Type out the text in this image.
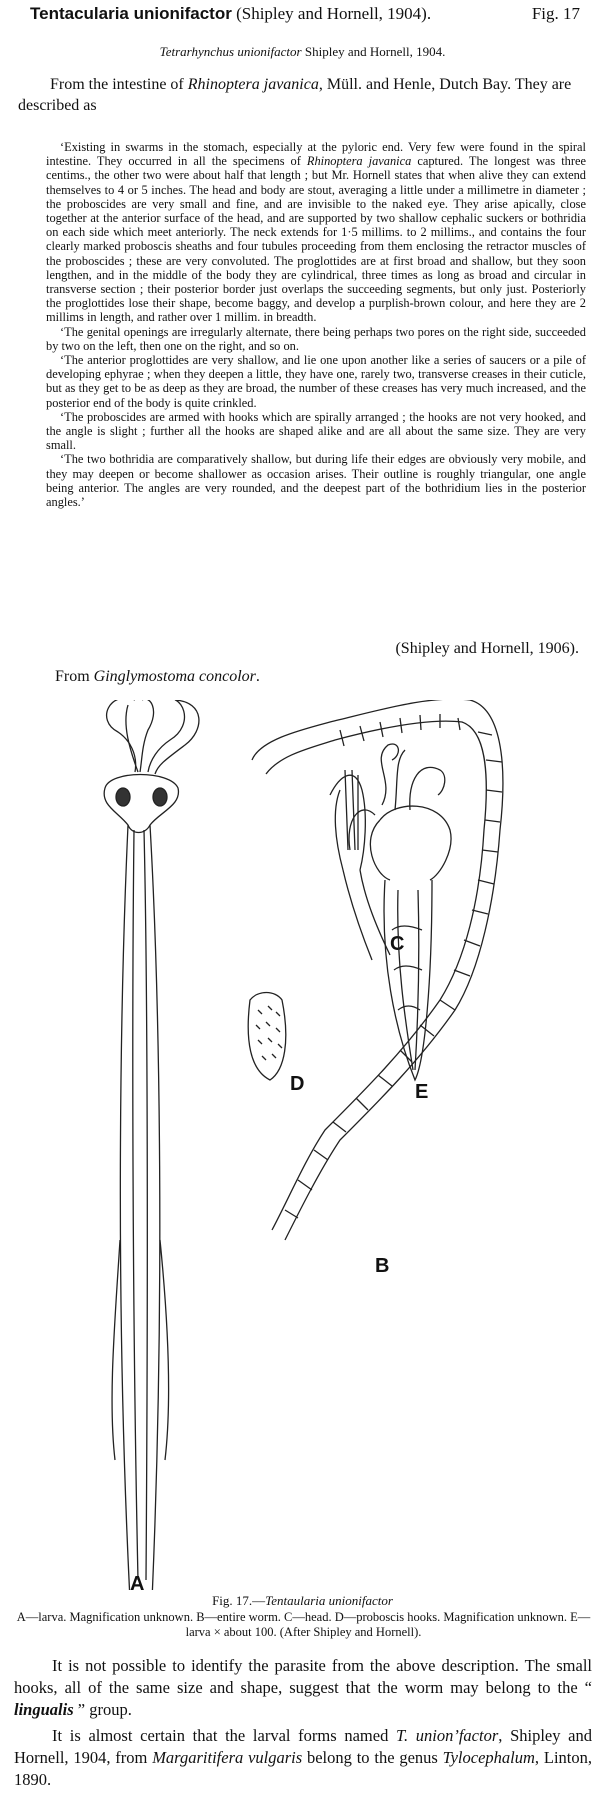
Tentacularia unionifactor (Shipley and Hornell, 1904).	Fig. 17
Tetrarhynchus unionifactor Shipley and Hornell, 1904.
From the intestine of Rhinoptera javanica, Müll. and Henle, Dutch Bay. They are described as

‘Existing in swarms in the stomach, especially at the pyloric end. Very few were found in the spiral intestine. They occurred in all the specimens of Rhinoptera javanica captured. The longest was three centims., the other two were about half that length ; but Mr. Hornell states that when alive they can extend themselves to 4 or 5 inches. The head and body are stout, averaging a little under a millimetre in diameter ; the proboscides are very small and fine, and are invisible to the naked eye. They arise apically, close together at the anterior surface of the head, and are supported by two shallow cephalic suckers or bothridia on each side which meet anteriorly. The neck extends for 1·5 millims. to 2 millims., and contains the four clearly marked proboscis sheaths and four tubules proceeding from them enclosing the retractor muscles of the proboscides ; these are very convoluted. The proglottides are at first broad and shallow, but they soon lengthen, and in the middle of the body they are cylindrical, three times as long as broad and circular in transverse section ; their posterior border just overlaps the succeeding segments, but only just. Posteriorly the proglottides lose their shape, become baggy, and develop a purplish-brown colour, and here they are 2 millims in length, and rather over 1 millim. in breadth.

‘The genital openings are irregularly alternate, there being perhaps two pores on the right side, succeeded by two on the left, then one on the right, and so on.

‘The anterior proglottides are very shallow, and lie one upon another like a series of saucers or a pile of developing ephyrae ; when they deepen a little, they have one, rarely two, transverse creases in their cuticle, but as they get to be as deep as they are broad, the number of these creases has very much increased, and the posterior end of the body is quite crinkled.

‘The proboscides are armed with hooks which are spirally arranged ; the hooks are not very hooked, and the angle is slight ; further all the hooks are shaped alike and are all about the same size. They are very small.

‘The two bothridia are comparatively shallow, but during life their edges are obviously very mobile, and they may deepen or become shallower as occasion arises. Their outline is roughly triangular, one angle being anterior. The angles are very rounded, and the deepest part of the bothridium lies in the posterior angles.’

(Shipley and Hornell, 1906).
From Ginglymostoma concolor.
A
B
C
D	E
Fig. 17.—Tentaularia unionifactor
A—larva. Magnification unknown. B—entire worm. C—head. D—proboscis hooks. Magnification unknown. E—larva × about 100. (After Shipley and Hornell).
It is not possible to identify the parasite from the above description. The small hooks, all of the same size and shape, suggest that the worm may belong to the “ lingualis ” group.
It is almost certain that the larval forms named T. union’factor, Shipley and Hornell, 1904, from Margaritifera vulgaris belong to the genus Tylocephalum, Linton, 1890.
